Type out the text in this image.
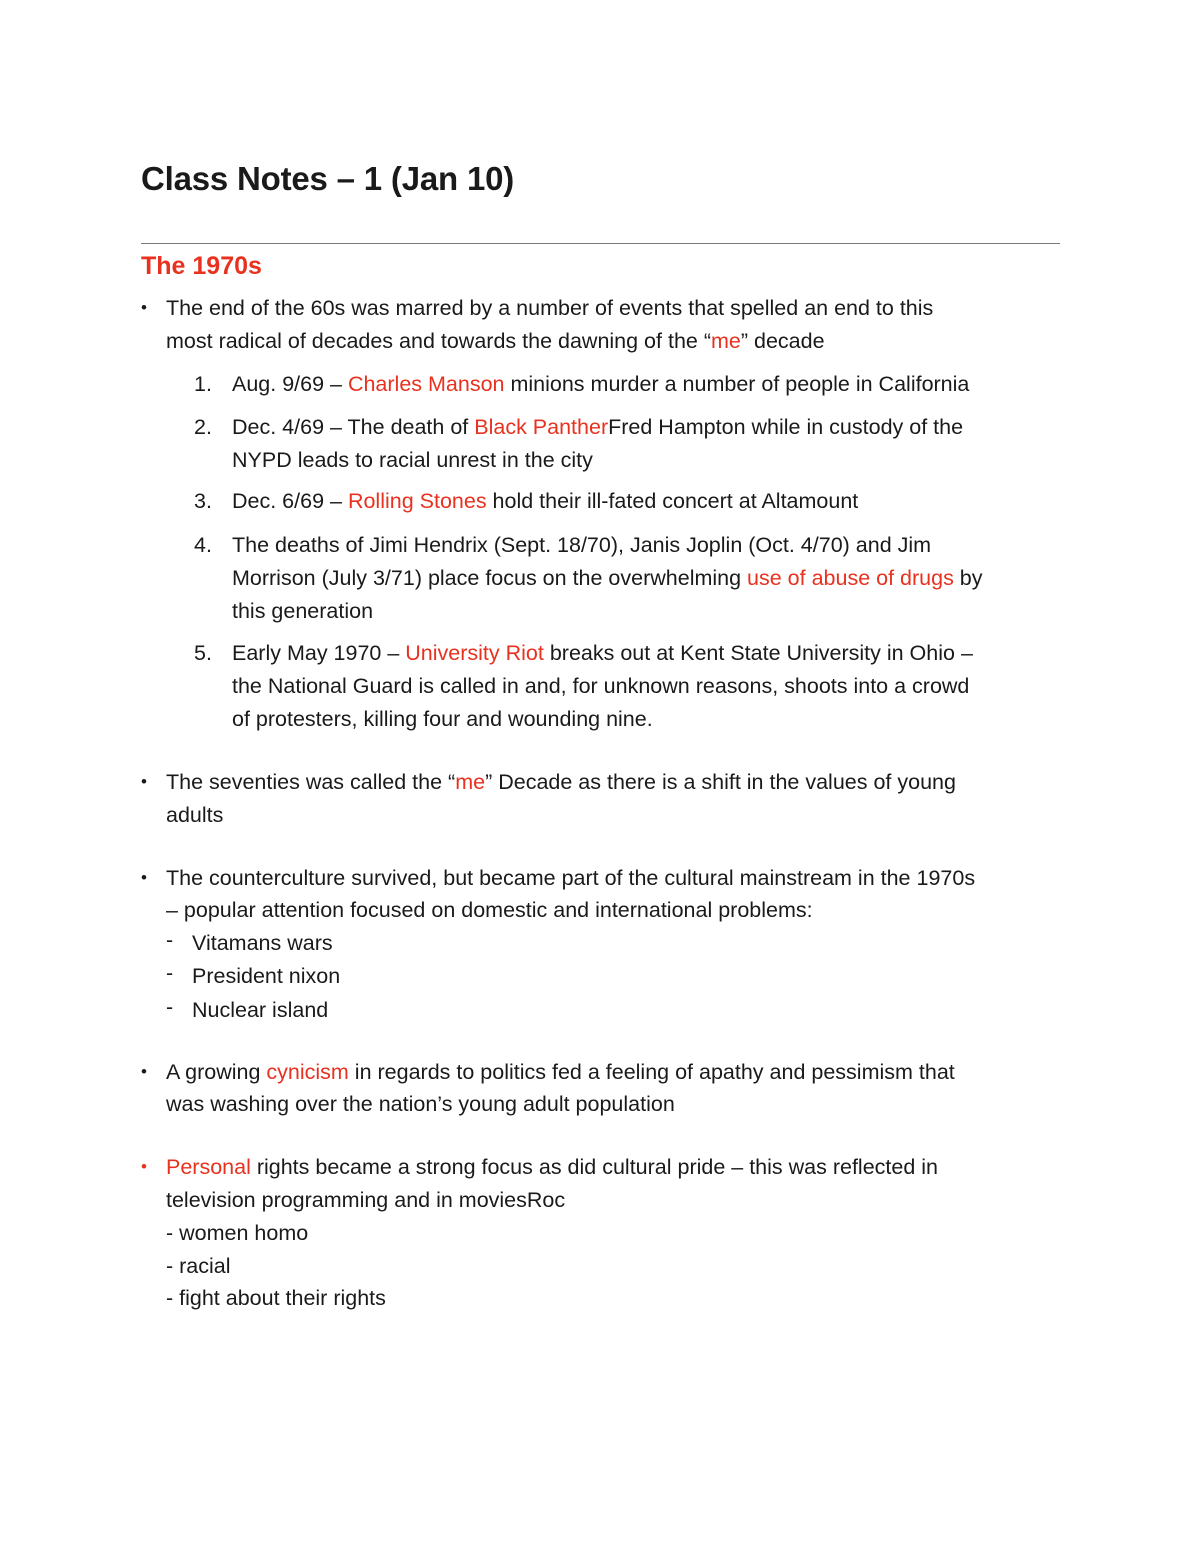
Class Notes – 1 (Jan 10)
The 1970s
• The end of the 60s was marred by a number of events that spelled an end to this
most radical of decades and towards the dawning of the “me” decade
1. Aug. 9/69 – Charles Manson minions murder a number of people in California
2. Dec. 4/69 – The death of Black PantherFred Hampton while in custody of the
NYPD leads to racial unrest in the city
3. Dec. 6/69 – Rolling Stones hold their ill-fated concert at Altamount
4. The deaths of Jimi Hendrix (Sept. 18/70), Janis Joplin (Oct. 4/70) and Jim
Morrison (July 3/71) place focus on the overwhelming use of abuse of drugs by
this generation
5. Early May 1970 – University Riot breaks out at Kent State University in Ohio –
the National Guard is called in and, for unknown reasons, shoots into a crowd
of protesters, killing four and wounding nine.
• The seventies was called the “me” Decade as there is a shift in the values of young
adults
• The counterculture survived, but became part of the cultural mainstream in the 1970s
– popular attention focused on domestic and international problems:
- Vitamans wars
- President nixon
- Nuclear island
• A growing cynicism in regards to politics fed a feeling of apathy and pessimism that
was washing over the nation’s young adult population
• Personal rights became a strong focus as did cultural pride – this was reflected in
television programming and in moviesRoc
- women homo
- racial
- fight about their rights
